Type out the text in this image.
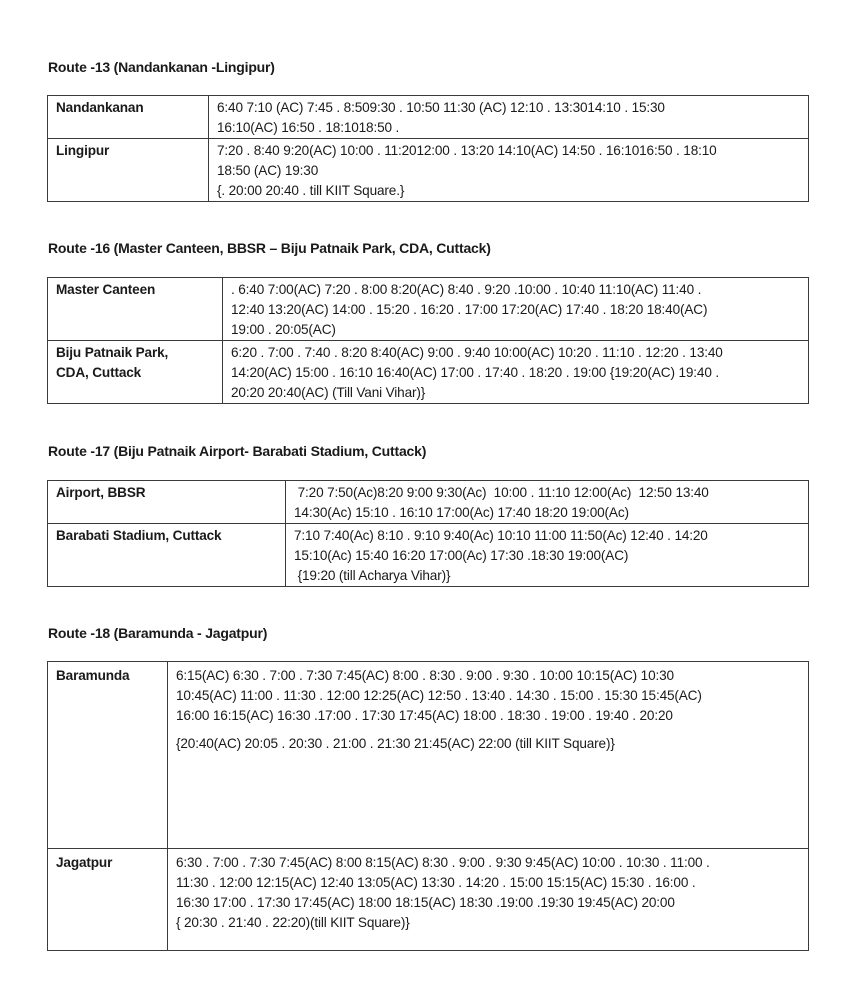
Route -13 (Nandankanan -Lingipur)
Nandankanan	6:40 7:10 (AC) 7:45 . 8:509:30 . 10:50 11:30 (AC) 12:10 . 13:3014:10 . 15:30
16:10(AC) 16:50 . 18:1018:50 .

Lingipur	7:20 . 8:40 9:20(AC) 10:00 . 11:2012:00 . 13:20 14:10(AC) 14:50 . 16:1016:50 . 18:10
18:50 (AC) 19:30
{. 20:00 20:40 . till KIIT Square.}
Route -16 (Master Canteen, BBSR – Biju Patnaik Park, CDA, Cuttack)
Master Canteen	. 6:40 7:00(AC) 7:20 . 8:00 8:20(AC) 8:40 . 9:20 .10:00 . 10:40 11:10(AC) 11:40 .
12:40 13:20(AC) 14:00 . 15:20 . 16:20 . 17:00 17:20(AC) 17:40 . 18:20 18:40(AC)
19:00 . 20:05(AC)

Biju Patnaik Park,
CDA, Cuttack	6:20 . 7:00 . 7:40 . 8:20 8:40(AC) 9:00 . 9:40 10:00(AC) 10:20 . 11:10 . 12:20 . 13:40
14:20(AC) 15:00 . 16:10 16:40(AC) 17:00 . 17:40 . 18:20 . 19:00 {19:20(AC) 19:40 .
20:20 20:40(AC) (Till Vani Vihar)}
Route -17 (Biju Patnaik Airport- Barabati Stadium, Cuttack)
Airport, BBSR	7:20 7:50(Ac)8:20 9:00 9:30(Ac)  10:00 . 11:10 12:00(Ac)  12:50 13:40
14:30(Ac) 15:10 . 16:10 17:00(Ac) 17:40 18:20 19:00(Ac)

Barabati Stadium, Cuttack	7:10 7:40(Ac) 8:10 . 9:10 9:40(Ac) 10:10 11:00 11:50(Ac) 12:40 . 14:20
15:10(Ac) 15:40 16:20 17:00(Ac) 17:30 .18:30 19:00(AC)
{19:20 (till Acharya Vihar)}
Route -18 (Baramunda - Jagatpur)
Baramunda	6:15(AC) 6:30 . 7:00 . 7:30 7:45(AC) 8:00 . 8:30 . 9:00 . 9:30 . 10:00 10:15(AC) 10:30
10:45(AC) 11:00 . 11:30 . 12:00 12:25(AC) 12:50 . 13:40 . 14:30 . 15:00 . 15:30 15:45(AC)
16:00 16:15(AC) 16:30 .17:00 . 17:30 17:45(AC) 18:00 . 18:30 . 19:00 . 19:40 . 20:20
{20:40(AC) 20:05 . 20:30 . 21:00 . 21:30 21:45(AC) 22:00 (till KIIT Square)}

Jagatpur	6:30 . 7:00 . 7:30 7:45(AC) 8:00 8:15(AC) 8:30 . 9:00 . 9:30 9:45(AC) 10:00 . 10:30 . 11:00 .
11:30 . 12:00 12:15(AC) 12:40 13:05(AC) 13:30 . 14:20 . 15:00 15:15(AC) 15:30 . 16:00 .
16:30 17:00 . 17:30 17:45(AC) 18:00 18:15(AC) 18:30 .19:00 .19:30 19:45(AC) 20:00
{ 20:30 . 21:40 . 22:20)(till KIIT Square)}
